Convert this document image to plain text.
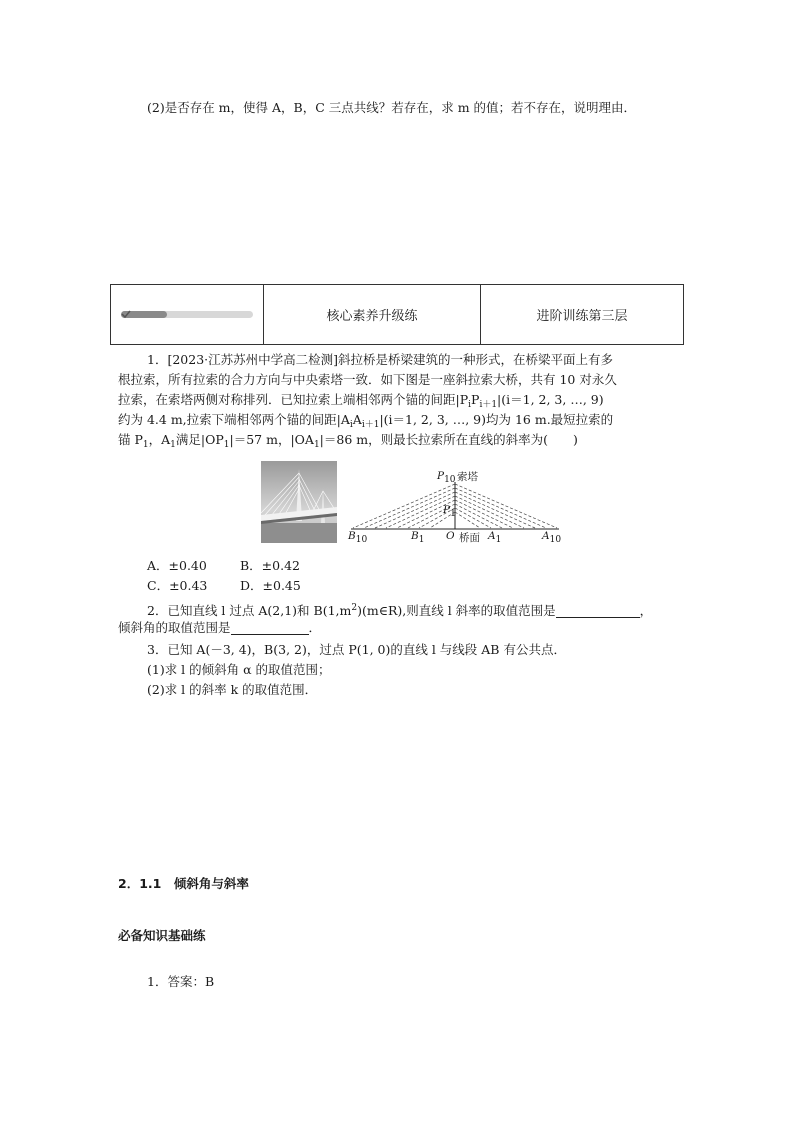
(2)是否存在 m，使得 A，B，C 三点共线？若存在，求 m 的值；若不存在，说明理由．
核心素养升级练	进阶训练第三层
1．[2023·江苏苏州中学高二检测]斜拉桥是桥梁建筑的一种形式，在桥梁平面上有多
根拉索，所有拉索的合力方向与中央索塔一致．如下图是一座斜拉索大桥，共有 10 对永久
拉索，在索塔两侧对称排列．已知拉索上端相邻两个锚的间距$|P_iP_{i+1}|(i=1$, 2, 3, …, 9)
约为 4.4 m,拉索下端相邻两个锚的间距$|A_iA_{i+1}|(i=1$, 2, 3, …, 9)均为 16 m.最短拉索的
锚 $P_1$，$A_1$满足$|OP_1|=57$ m，$|OA_1|=86$ m，则最长拉索所在直线的斜率为(　　)
P10 索塔
P1
B10	B1 O 桥面 A1	A10
A．±0.40	B．±0.42
C．±0.43	D．±0.45
2．已知直线 l 过点 A(2,1)和 $B(1,m^2)(m\in R)$,则直线 l 斜率的取值范围是	，
倾斜角的取值范围是	．
3．已知 A(－3, 4)，B(3, 2)，过点 P(1, 0)的直线 l 与线段 AB 有公共点．
(1)求 l 的倾斜角 α 的取值范围；
(2)求 l 的斜率 k 的取值范围．
2．1.1　倾斜角与斜率
必备知识基础练
1．答案：B
